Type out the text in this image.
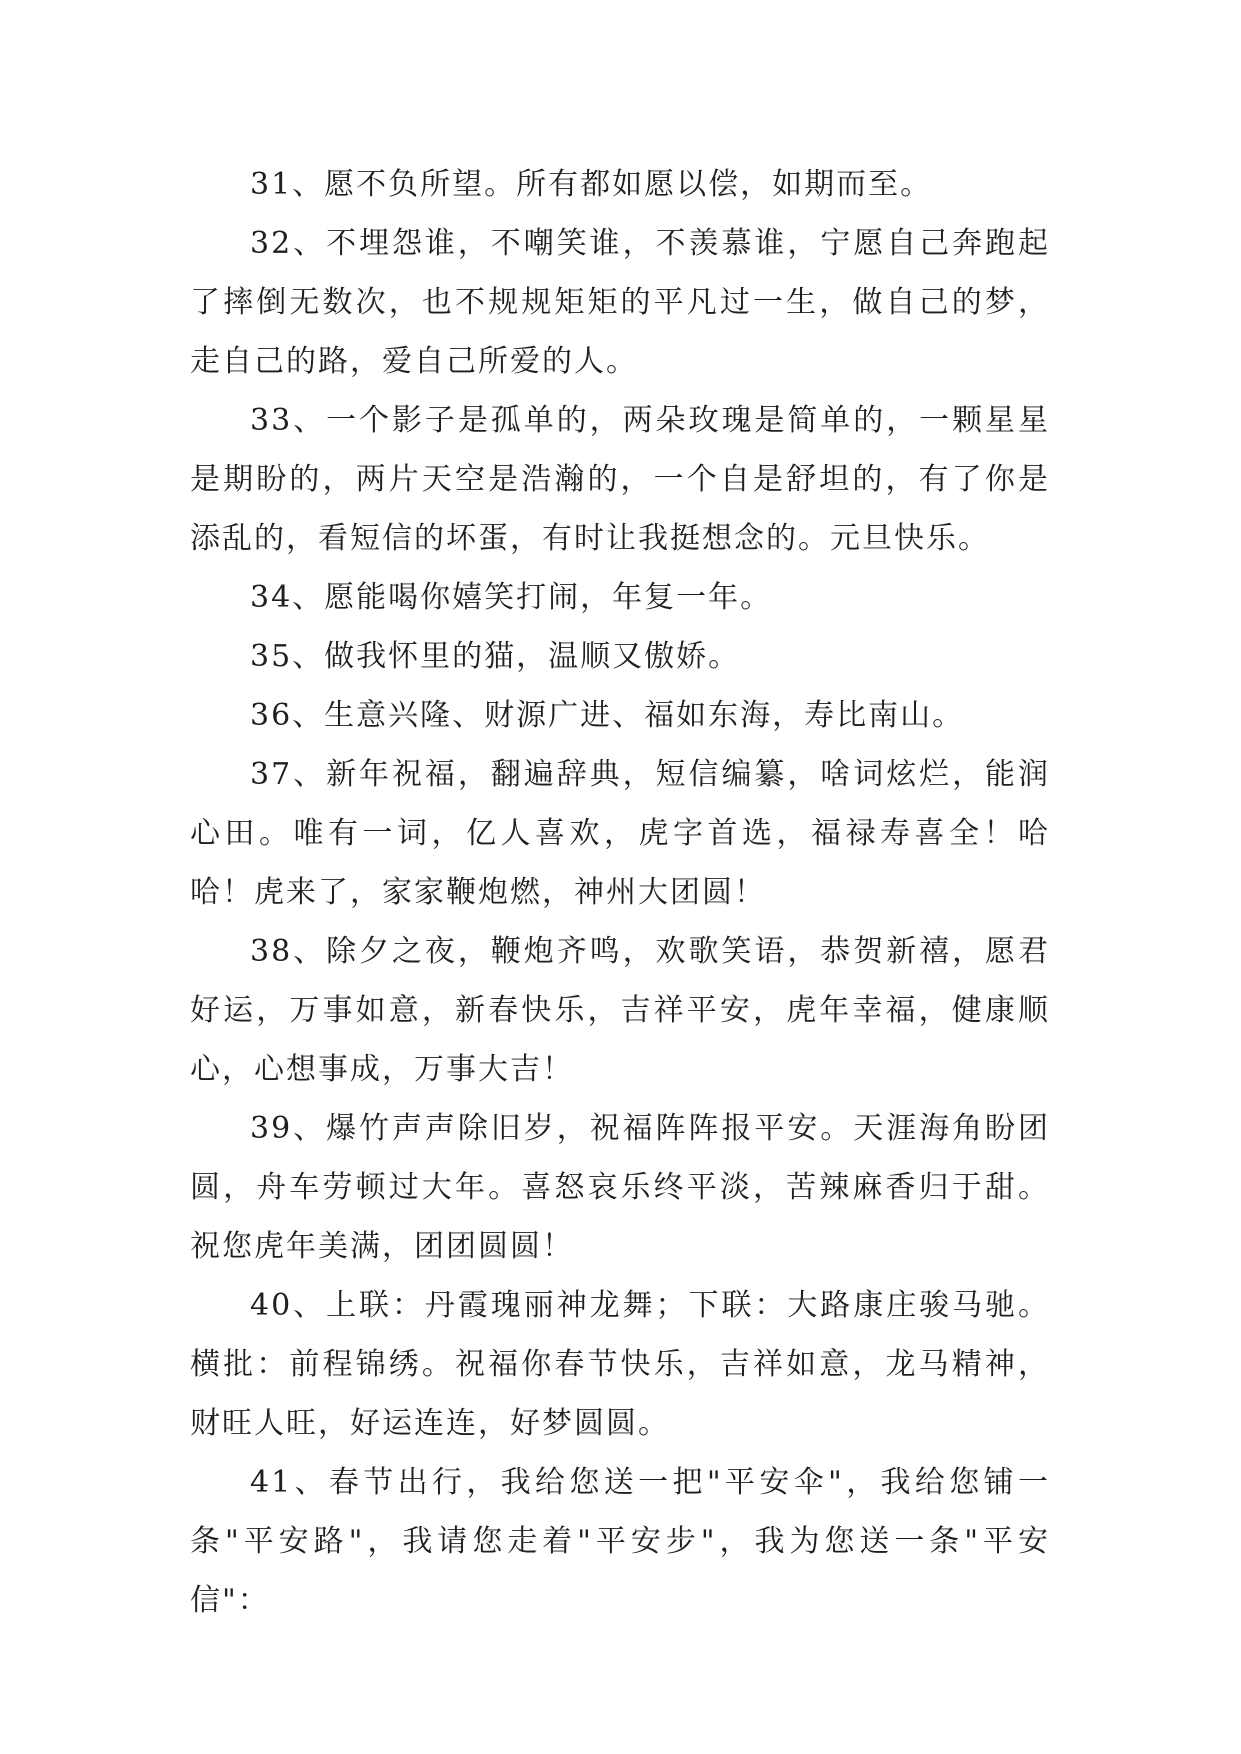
31、愿不负所望。所有都如愿以偿，如期而至。

32、不埋怨谁，不嘲笑谁，不羡慕谁，宁愿自己奔跑起了摔倒无数次，也不规规矩矩的平凡过一生，做自己的梦，走自己的路，爱自己所爱的人。

33、一个影子是孤单的，两朵玫瑰是简单的，一颗星星是期盼的，两片天空是浩瀚的，一个自是舒坦的，有了你是添乱的，看短信的坏蛋，有时让我挺想念的。元旦快乐。

34、愿能喝你嬉笑打闹，年复一年。

35、做我怀里的猫，温顺又傲娇。

36、生意兴隆、财源广进、福如东海，寿比南山。

37、新年祝福，翻遍辞典，短信编纂，啥词炫烂，能润心田。唯有一词，亿人喜欢，虎字首选，福禄寿喜全！哈哈！虎来了，家家鞭炮燃，神州大团圆！

38、除夕之夜，鞭炮齐鸣，欢歌笑语，恭贺新禧，愿君好运，万事如意，新春快乐，吉祥平安，虎年幸福，健康顺心，心想事成，万事大吉！

39、爆竹声声除旧岁，祝福阵阵报平安。天涯海角盼团圆，舟车劳顿过大年。喜怒哀乐终平淡，苦辣麻香归于甜。祝您虎年美满，团团圆圆！

40、上联：丹霞瑰丽神龙舞；下联：大路康庄骏马驰。横批：前程锦绣。祝福你春节快乐，吉祥如意，龙马精神，财旺人旺，好运连连，好梦圆圆。

41、春节出行，我给您送一把"平安伞"，我给您铺一条"平安路"，我请您走着"平安步"，我为您送一条"平安信"：
